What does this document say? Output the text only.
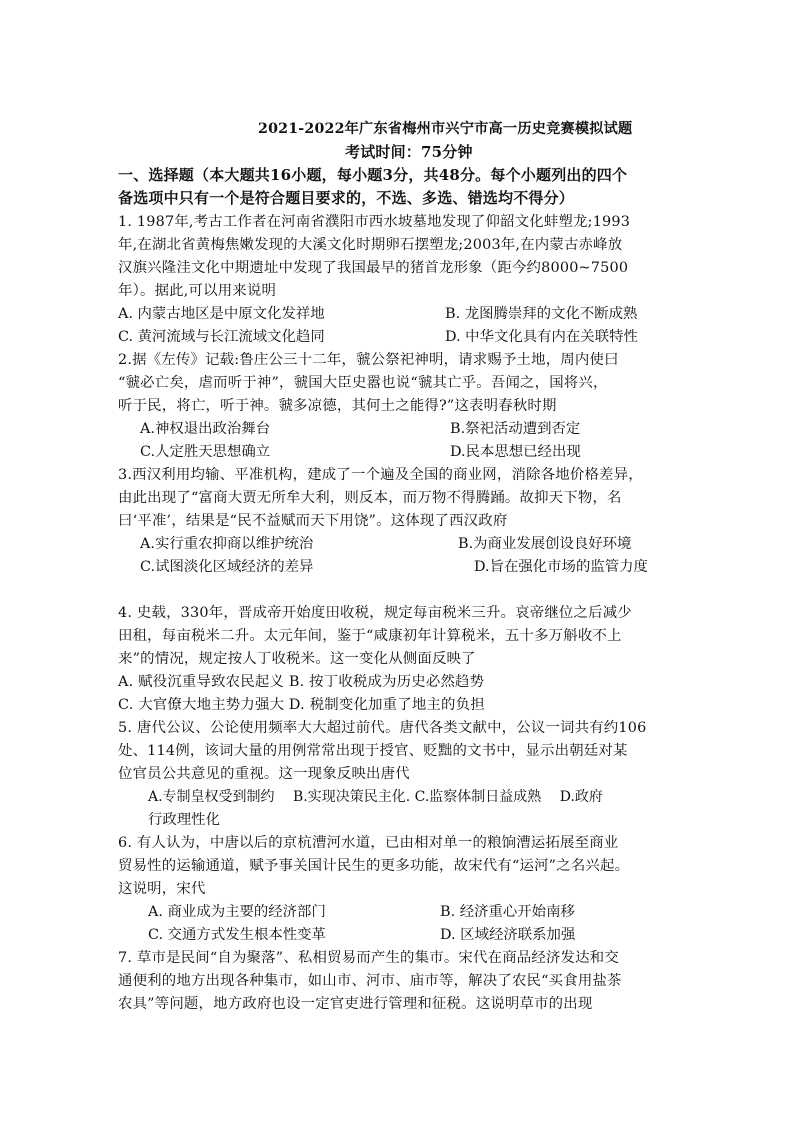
2021-2022年广东省梅州市兴宁市高一历史竞赛模拟试题
考试时间：75分钟
一、选择题（本大题共16小题，每小题3分，共48分。每个小题列出的四个
备选项中只有一个是符合题目要求的，不选、多选、错选均不得分）
1. 1987年,考古工作者在河南省濮阳市西水坡墓地发现了仰韶文化蚌塑龙;1993
年,在湖北省黄梅焦嫩发现的大溪文化时期卵石摆塑龙;2003年,在内蒙古赤峰放
汉旗兴隆洼文化中期遗址中发现了我国最早的猪首龙形象（距今约8000~7500
年）。据此,可以用来说明
A. 内蒙古地区是中原文化发祥地	B. 龙图腾崇拜的文化不断成熟
C. 黄河流域与长江流域文化趋同	D. 中华文化具有内在关联特性
2.据《左传》记载:鲁庄公三十二年，虢公祭祀神明，请求赐予土地，周内使曰
“虢必亡矣，虐而听于神”，虢国大臣史嚣也说“虢其亡乎。吾闻之，国将兴，
听于民，将亡，听于神。虢多凉德，其何土之能得?”这表明春秋时期
A.神权退出政治舞台	B.祭祀活动遭到否定
C.人定胜天思想确立	D.民本思想已经出现
3.西汉利用均输、平准机构，建成了一个遍及全国的商业网，消除各地价格差异，
由此出现了“富商大贾无所牟大利，则反本，而万物不得腾踊。故抑天下物，名
曰‘平准’，结果是“民不益赋而天下用饶”。这体现了西汉政府
A.实行重农抑商以维护统治	B.为商业发展创设良好环境
C.试图淡化区域经济的差异	D.旨在强化市场的监管力度
4. 史载，330年，晋成帝开始度田收税，规定每亩税米三升。哀帝继位之后减少
田租，每亩税米二升。太元年间，鉴于“咸康初年计算税米，五十多万斛收不上
来”的情况，规定按人丁收税米。这一变化从侧面反映了
A. 赋役沉重导致农民起义 B. 按丁收税成为历史必然趋势
C. 大官僚大地主势力强大 D. 税制变化加重了地主的负担
5. 唐代公议、公论使用频率大大超过前代。唐代各类文献中，公议一词共有约106
处、114例，该词大量的用例常常出现于授官、贬黜的文书中，显示出朝廷对某
位官员公共意见的重视。这一现象反映出唐代
A.专制皇权受到制约　 B.实现决策民主化. C.监察体制日益成熟　 D.政府
行政理性化
6. 有人认为，中唐以后的京杭漕河水道，已由相对单一的粮饷漕运拓展至商业
贸易性的运输通道，赋予事关国计民生的更多功能，故宋代有“运河”之名兴起。
这说明，宋代
A. 商业成为主要的经济部门	B. 经济重心开始南移
C. 交通方式发生根本性变革	D. 区域经济联系加强
7. 草市是民间“自为聚落”、私相贸易而产生的集市。宋代在商品经济发达和交
通便利的地方出现各种集市，如山市、河市、庙市等，解决了农民“买食用盐茶
农具”等问题，地方政府也设一定官吏进行管理和征税。这说明草市的出现
